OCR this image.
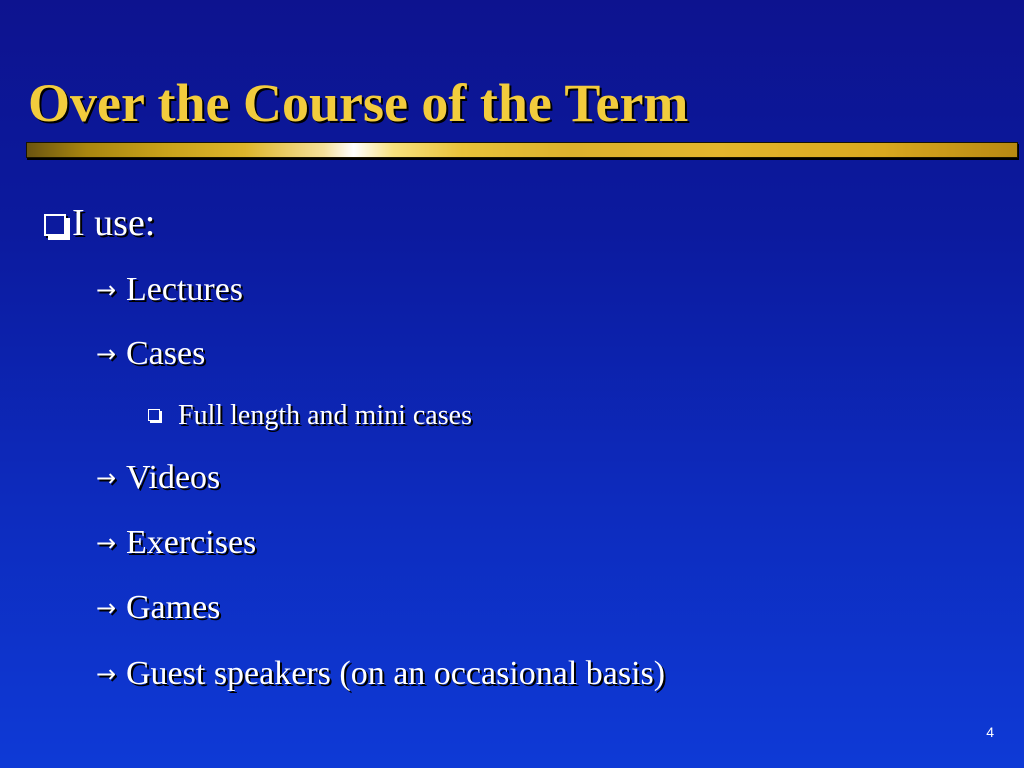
Over the Course of the Term
I use:
→ Lectures
→ Cases
Full length and mini cases
→ Videos
→ Exercises
→ Games
→ Guest speakers (on an occasional basis)
4
